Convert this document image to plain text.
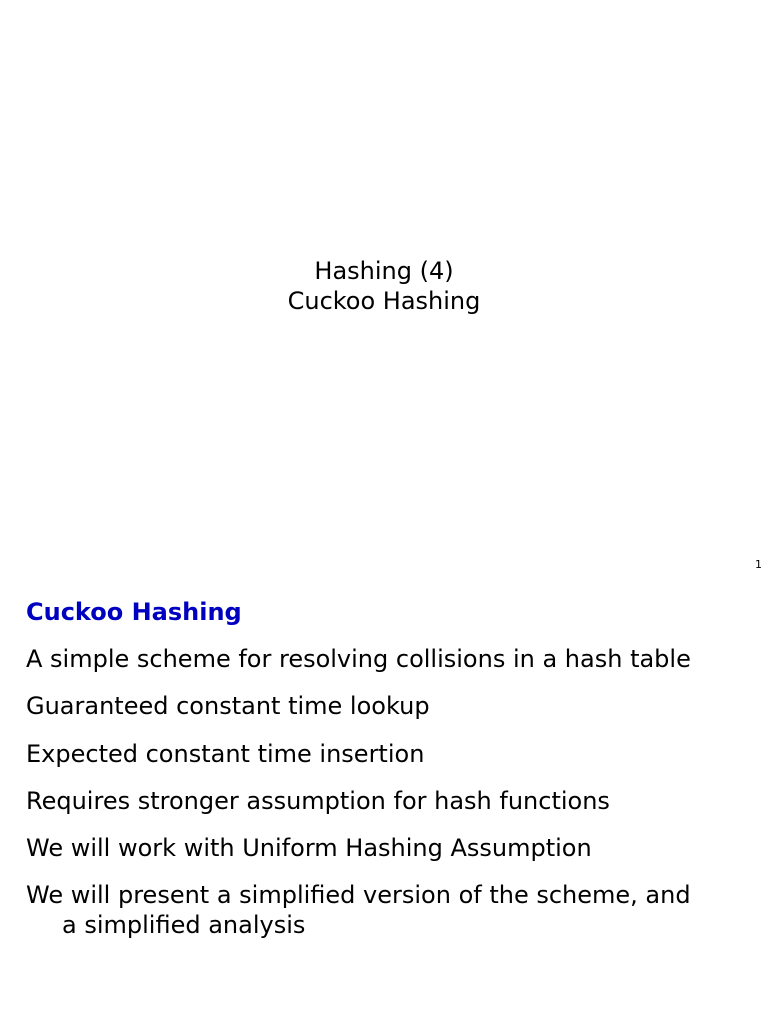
Hashing (4)
Cuckoo Hashing
1
Cuckoo Hashing
A simple scheme for resolving collisions in a hash table
Guaranteed constant time lookup
Expected constant time insertion
Requires stronger assumption for hash functions
We will work with Uniform Hashing Assumption
We will present a simplified version of the scheme, and
a simplified analysis
